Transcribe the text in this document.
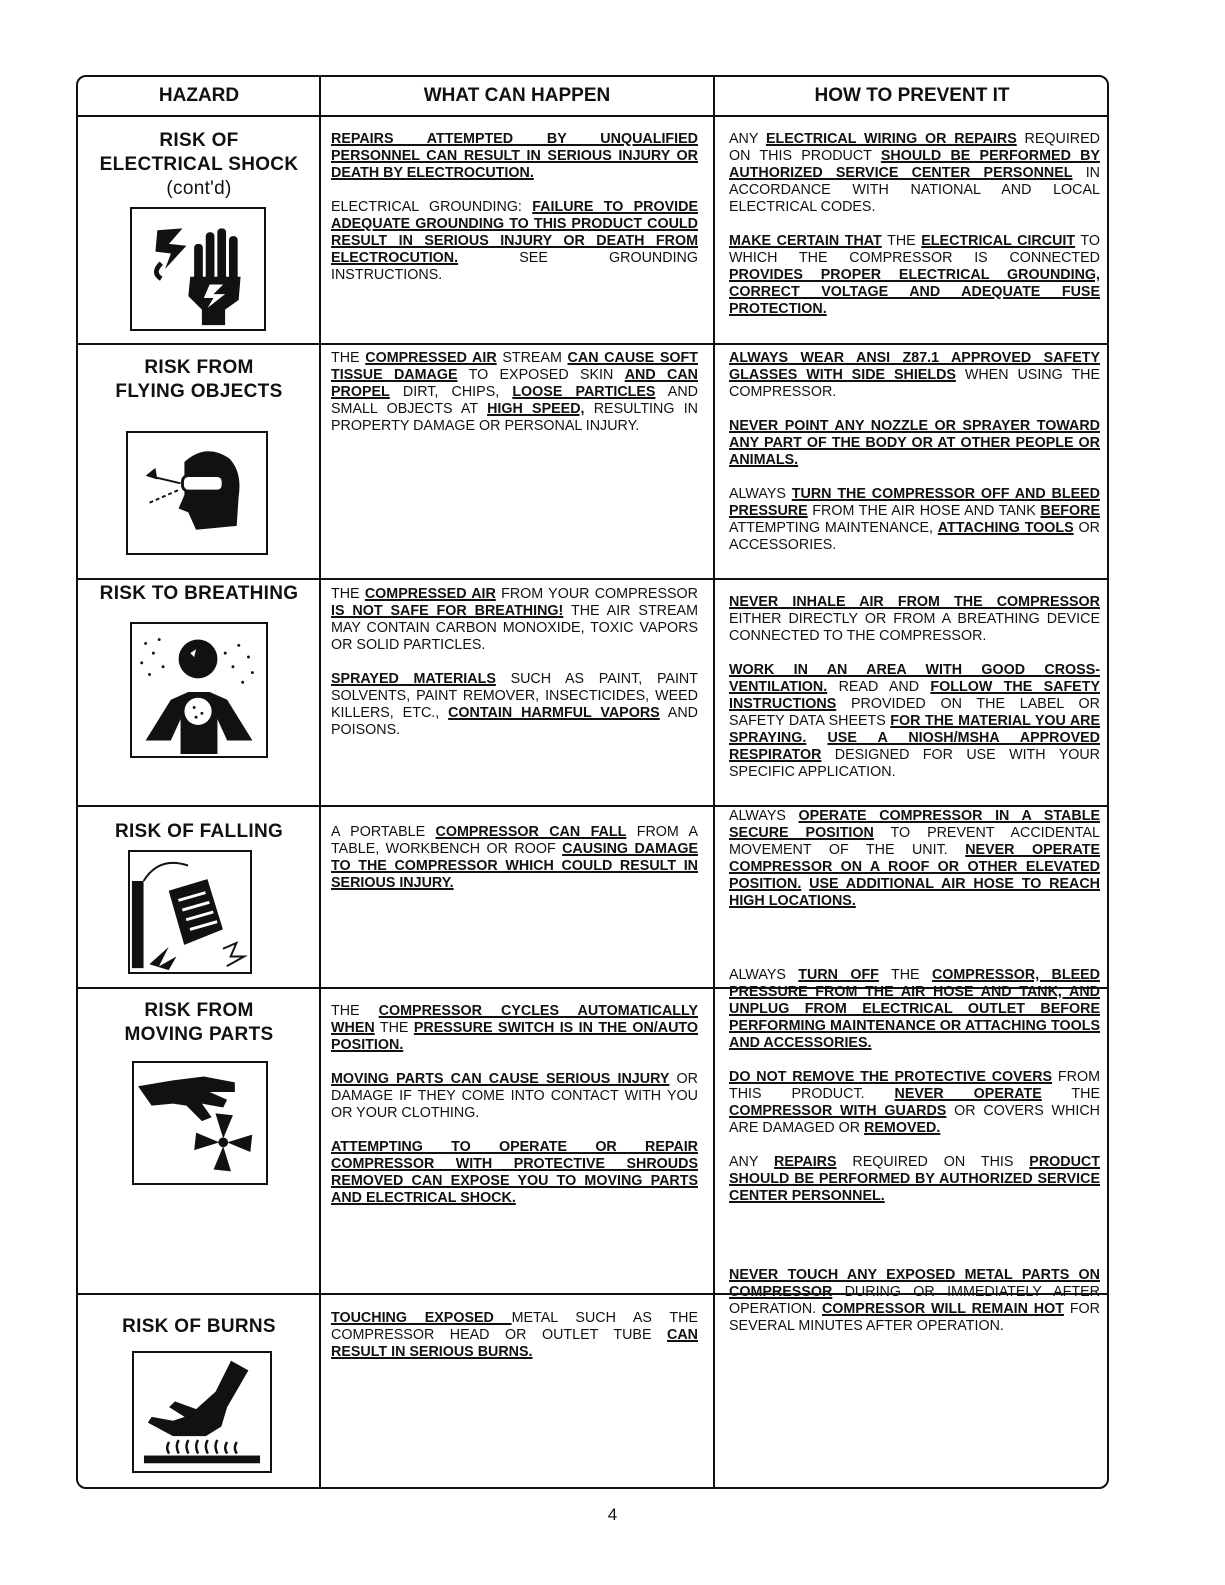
HAZARD	WHAT CAN HAPPEN	HOW TO PREVENT IT
RISK OF
ELECTRICAL SHOCK
(cont'd)
RISK FROM
FLYING OBJECTS
RISK TO BREATHING
RISK OF FALLING
RISK FROM
MOVING PARTS
RISK OF BURNS

REPAIRS ATTEMPTED BY UNQUALIFIED PERSONNEL CAN RESULT IN SERIOUS INJURY OR DEATH BY ELECTROCUTION.

ELECTRICAL GROUNDING: FAILURE TO PROVIDE ADEQUATE GROUNDING TO THIS PRODUCT COULD RESULT IN SERIOUS INJURY OR DEATH FROM ELECTROCUTION. SEE GROUNDING INSTRUCTIONS.

THE COMPRESSED AIR STREAM CAN CAUSE SOFT TISSUE DAMAGE TO EXPOSED SKIN AND CAN PROPEL DIRT, CHIPS, LOOSE PARTICLES AND SMALL OBJECTS AT HIGH SPEED, RESULTING IN PROPERTY DAMAGE OR PERSONAL INJURY.

THE COMPRESSED AIR FROM YOUR COMPRESSOR IS NOT SAFE FOR BREATHING! THE AIR STREAM MAY CONTAIN CARBON MONOXIDE, TOXIC VAPORS OR SOLID PARTICLES.

SPRAYED MATERIALS SUCH AS PAINT, PAINT SOLVENTS, PAINT REMOVER, INSECTICIDES, WEED KILLERS, ETC., CONTAIN HARMFUL VAPORS AND POISONS.

A PORTABLE COMPRESSOR CAN FALL FROM A TABLE, WORKBENCH OR ROOF CAUSING DAMAGE TO THE COMPRESSOR WHICH COULD RESULT IN SERIOUS INJURY.

THE COMPRESSOR CYCLES AUTOMATICALLY WHEN THE PRESSURE SWITCH IS IN THE ON/AUTO POSITION.

MOVING PARTS CAN CAUSE SERIOUS INJURY OR DAMAGE IF THEY COME INTO CONTACT WITH YOU OR YOUR CLOTHING.

ATTEMPTING TO OPERATE OR REPAIR COMPRESSOR WITH PROTECTIVE SHROUDS REMOVED CAN EXPOSE YOU TO MOVING PARTS AND ELECTRICAL SHOCK.

TOUCHING EXPOSED METAL SUCH AS THE COMPRESSOR HEAD OR OUTLET TUBE CAN RESULT IN SERIOUS BURNS.

ANY ELECTRICAL WIRING OR REPAIRS REQUIRED ON THIS PRODUCT SHOULD BE PERFORMED BY AUTHORIZED SERVICE CENTER PERSONNEL IN ACCORDANCE WITH NATIONAL AND LOCAL ELECTRICAL CODES.

MAKE CERTAIN THAT THE ELECTRICAL CIRCUIT TO WHICH THE COMPRESSOR IS CONNECTED PROVIDES PROPER ELECTRICAL GROUNDING, CORRECT VOLTAGE AND ADEQUATE FUSE PROTECTION.

ALWAYS WEAR ANSI Z87.1 APPROVED SAFETY GLASSES WITH SIDE SHIELDS WHEN USING THE COMPRESSOR.

NEVER POINT ANY NOZZLE OR SPRAYER TOWARD ANY PART OF THE BODY OR AT OTHER PEOPLE OR ANIMALS.

ALWAYS TURN THE COMPRESSOR OFF AND BLEED PRESSURE FROM THE AIR HOSE AND TANK BEFORE ATTEMPTING MAINTENANCE, ATTACHING TOOLS OR ACCESSORIES.

NEVER INHALE AIR FROM THE COMPRESSOR EITHER DIRECTLY OR FROM A BREATHING DEVICE CONNECTED TO THE COMPRESSOR.

WORK IN AN AREA WITH GOOD CROSS-VENTILATION. READ AND FOLLOW THE SAFETY INSTRUCTIONS PROVIDED ON THE LABEL OR SAFETY DATA SHEETS FOR THE MATERIAL YOU ARE SPRAYING. USE A NIOSH/MSHA APPROVED RESPIRATOR DESIGNED FOR USE WITH YOUR SPECIFIC APPLICATION.

ALWAYS OPERATE COMPRESSOR IN A STABLE SECURE POSITION TO PREVENT ACCIDENTAL MOVEMENT OF THE UNIT. NEVER OPERATE COMPRESSOR ON A ROOF OR OTHER ELEVATED POSITION. USE ADDITIONAL AIR HOSE TO REACH HIGH LOCATIONS.

ALWAYS TURN OFF THE COMPRESSOR, BLEED PRESSURE FROM THE AIR HOSE AND TANK, AND UNPLUG FROM ELECTRICAL OUTLET BEFORE PERFORMING MAINTENANCE OR ATTACHING TOOLS AND ACCESSORIES.

DO NOT REMOVE THE PROTECTIVE COVERS FROM THIS PRODUCT. NEVER OPERATE THE COMPRESSOR WITH GUARDS OR COVERS WHICH ARE DAMAGED OR REMOVED.

ANY REPAIRS REQUIRED ON THIS PRODUCT SHOULD BE PERFORMED BY AUTHORIZED SERVICE CENTER PERSONNEL.

NEVER TOUCH ANY EXPOSED METAL PARTS ON COMPRESSOR DURING OR IMMEDIATELY AFTER OPERATION. COMPRESSOR WILL REMAIN HOT FOR SEVERAL MINUTES AFTER OPERATION.

4
